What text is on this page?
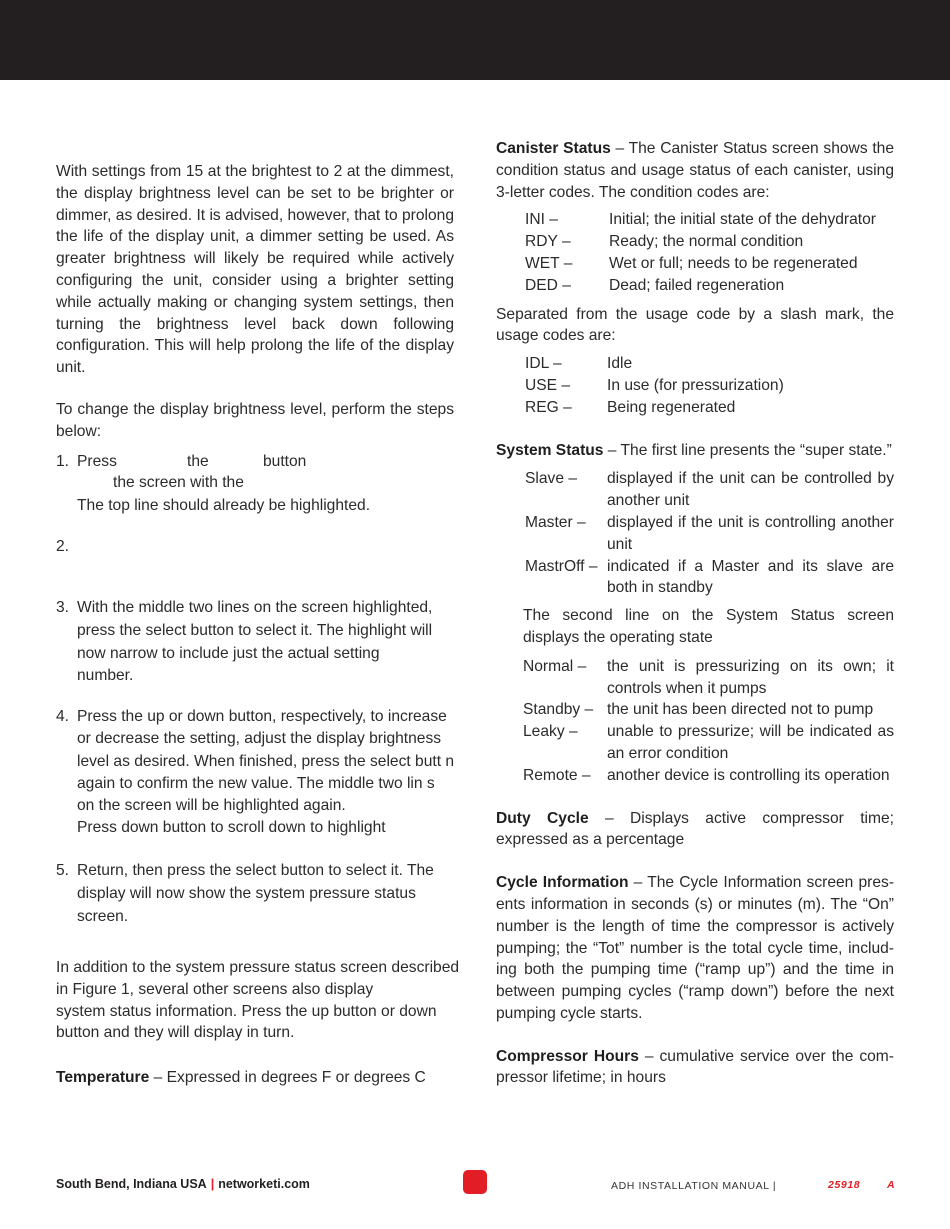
With settings from 15 at the brightest to 2 at the dimmest, the display brightness level can be set to be brighter or dimmer, as desired. It is advised, however, that to prolong the life of the display unit, a dimmer setting be used. As greater brightness will likely be required while actively configuring the unit, consider using a brighter setting while actually making or changing system settings, then turning the brightness level back down following configuration. This will help prolong the life of the display unit.

To change the display brightness level, perform the steps below:

1. Press	the	button
the screen with the
The top line should already be highlighted.
2.
3. With the middle two lines on the screen highlighted,
press the select button to select it. The highlight will
now narrow to include just the actual setting
number.
4. Press the up or down button, respectively, to increase
or decrease the setting, adjust the display brightness
level as desired. When finished, press the select butt n
again to confirm the new value. The middle two lin s
on the screen will be highlighted again.
Press down button to scroll down to highlight
5. Return, then press the select button to select it. The
display will now show the system pressure status
screen.
In addition to the system pressure status screen described
in Figure 1, several other screens also display
system status information. Press the up button or down
button and they will display in turn.

Temperature – Expressed in degrees F or degrees C

Canister Status – The Canister Status screen shows the condition status and usage status of each canister, using 3-letter codes. The condition codes are:

INI –	Initial; the initial state of the dehydrator
RDY –	Ready; the normal condition
WET –	Wet or full; needs to be regenerated
DED –	Dead; failed regeneration

Separated from the usage code by a slash mark, the usage codes are:

IDL –	Idle
USE –	In use (for pressurization)
REG –	Being regenerated

System Status – The first line presents the “super state.”

Slave –	displayed if the unit can be controlled by another unit
Master –	displayed if the unit is controlling another unit
MastrOff – indicated if a Master and its slave are both in standby

The second line on the System Status screen displays the operating state

Normal –	the unit is pressurizing on its own; it controls when it pumps
Standby – the unit has been directed not to pump
Leaky –	unable to pressurize; will be indicated as an error condition
Remote –	another device is controlling its operation

Duty Cycle – Displays active compressor time; expressed as a percentage

Cycle Information – The Cycle Information screen pres-ents information in seconds (s) or minutes (m). The “On” number is the length of time the compressor is actively pumping; the “Tot” number is the total cycle time, includ-ing both the pumping time (“ramp up”) and the time in between pumping cycles (“ramp down”) before the next pumping cycle starts.

Compressor Hours – cumulative service over the com-pressor lifetime; in hours

South Bend, Indiana USA | networketi.com	ADH INSTALLATION MANUAL |	25918	A
